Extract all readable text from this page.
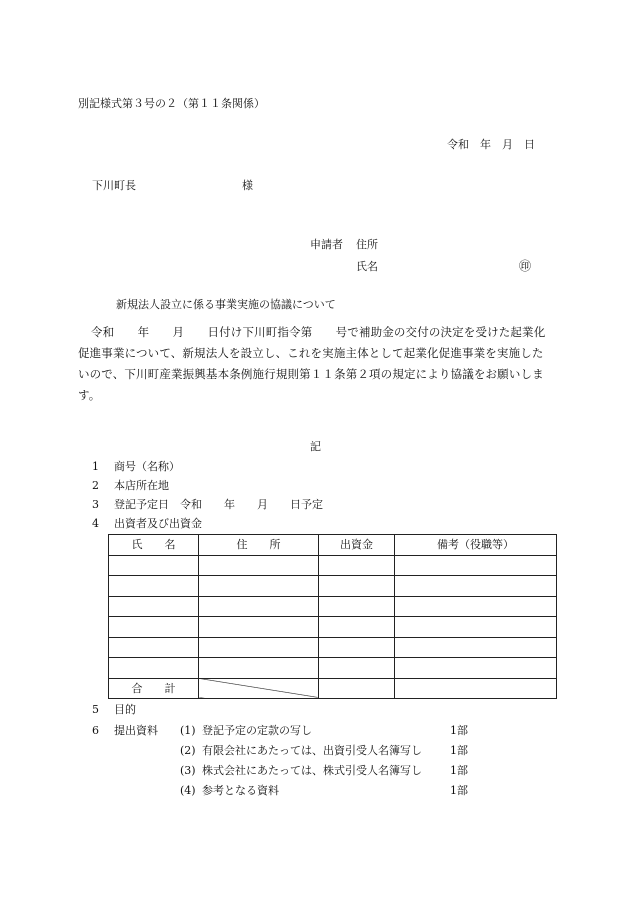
別記様式第３号の２（第１１条関係）
令和　年　月　日
下川町長	様
申請者 住所
氏名	㊞
新規法人設立に係る事業実施の協議について
令和　　年　　月　　日付け下川町指令第　　号で補助金の交付の決定を受けた起業化促進事業について、新規法人を設立し、これを実施主体として起業化促進事業を実施したいので、下川町産業振興基本条例施行規則第１１条第２項の規定により協議をお願いします。
記
1 商号（名称）
2 本店所在地
3 登記予定日　令和　　年　　月　　日予定
4 出資者及び出資金
氏　　名	住　　所	出資金	備考（役職等）

合　　計			
5 目的
6 提出資料 (1) 登記予定の定款の写し	1部
(2) 有限会社にあたっては、出資引受人名簿写し	1部
(3) 株式会社にあたっては、株式引受人名簿写し	1部
(4) 参考となる資料	1部
